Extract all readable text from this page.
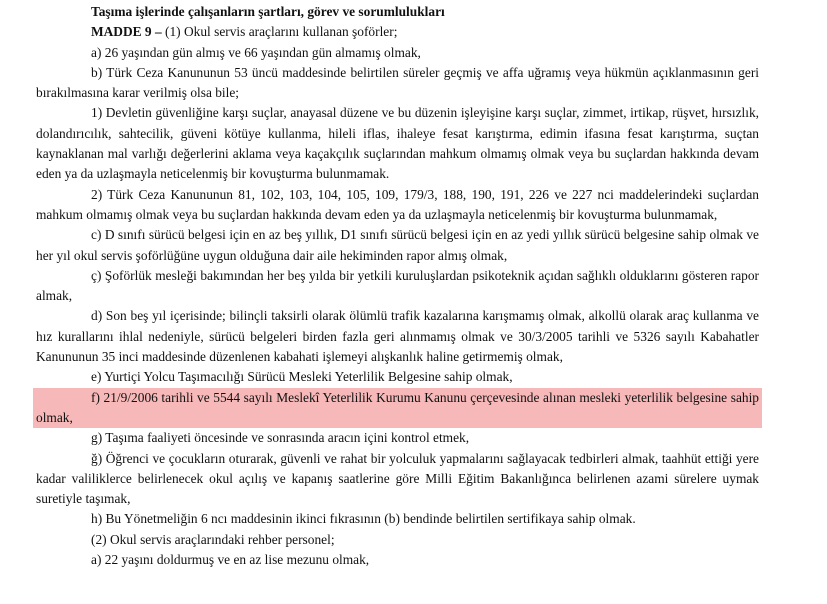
Taşıma işlerinde çalışanların şartları, görev ve sorumlulukları

MADDE 9 – (1) Okul servis araçlarını kullanan şoförler;

a) 26 yaşından gün almış ve 66 yaşından gün almamış olmak,

b) Türk Ceza Kanununun 53 üncü maddesinde belirtilen süreler geçmiş ve affa uğramış veya hükmün açıklanmasının geri bırakılmasına karar verilmiş olsa bile;

1) Devletin güvenliğine karşı suçlar, anayasal düzene ve bu düzenin işleyişine karşı suçlar, zimmet, irtikap, rüşvet, hırsızlık, dolandırıcılık, sahtecilik, güveni kötüye kullanma, hileli iflas, ihaleye fesat karıştırma, edimin ifasına fesat karıştırma, suçtan kaynaklanan mal varlığı değerlerini aklama veya kaçakçılık suçlarından mahkum olmamış olmak veya bu suçlardan hakkında devam eden ya da uzlaşmayla neticelenmiş bir kovuşturma bulunmamak.

2) Türk Ceza Kanununun 81, 102, 103, 104, 105, 109, 179/3, 188, 190, 191, 226 ve 227 nci maddelerindeki suçlardan mahkum olmamış olmak veya bu suçlardan hakkında devam eden ya da uzlaşmayla neticelenmiş bir kovuşturma bulunmamak,

c) D sınıfı sürücü belgesi için en az beş yıllık, D1 sınıfı sürücü belgesi için en az yedi yıllık sürücü belgesine sahip olmak ve her yıl okul servis şoförlüğüne uygun olduğuna dair aile hekiminden rapor almış olmak,

ç) Şoförlük mesleği bakımından her beş yılda bir yetkili kuruluşlardan psikoteknik açıdan sağlıklı olduklarını gösteren rapor almak,

d) Son beş yıl içerisinde; bilinçli taksirli olarak ölümlü trafik kazalarına karışmamış olmak, alkollü olarak araç kullanma ve hız kurallarını ihlal nedeniyle, sürücü belgeleri birden fazla geri alınmamış olmak ve 30/3/2005 tarihli ve 5326 sayılı Kabahatler Kanununun 35 inci maddesinde düzenlenen kabahati işlemeyi alışkanlık haline getirmemiş olmak,

e) Yurtiçi Yolcu Taşımacılığı Sürücü Mesleki Yeterlilik Belgesine sahip olmak,

f) 21/9/2006 tarihli ve 5544 sayılı Meslekî Yeterlilik Kurumu Kanunu çerçevesinde alınan mesleki yeterlilik belgesine sahip olmak,

g) Taşıma faaliyeti öncesinde ve sonrasında aracın içini kontrol etmek,

ğ) Öğrenci ve çocukların oturarak, güvenli ve rahat bir yolculuk yapmalarını sağlayacak tedbirleri almak, taahhüt ettiği yere kadar valiliklerce belirlenecek okul açılış ve kapanış saatlerine göre Milli Eğitim Bakanlığınca belirlenen azami sürelere uymak suretiyle taşımak,

h) Bu Yönetmeliğin 6 ncı maddesinin ikinci fıkrasının (b) bendinde belirtilen sertifikaya sahip olmak.

(2) Okul servis araçlarındaki rehber personel;

a) 22 yaşını doldurmuş ve en az lise mezunu olmak,
